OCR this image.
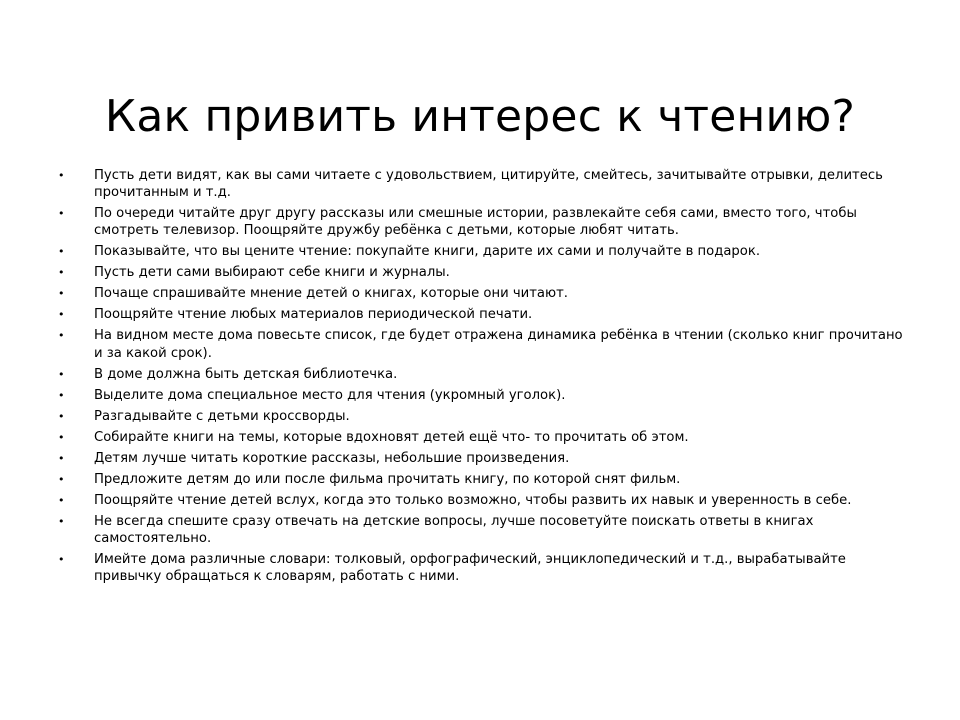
Как привить интерес к чтению?
• Пусть дети видят, как вы сами читаете с удовольствием, цитируйте, смейтесь, зачитывайте отрывки, делитесь прочитанным и т.д.
• По очереди читайте друг другу рассказы или смешные истории, развлекайте себя сами, вместо того, чтобы смотреть телевизор. Поощряйте дружбу ребёнка с детьми, которые любят читать.
• Показывайте, что вы цените чтение: покупайте книги, дарите их сами и получайте в подарок.
• Пусть дети сами выбирают себе книги и журналы.
• Почаще спрашивайте мнение детей о книгах, которые они читают.
• Поощряйте чтение любых материалов периодической печати.
• На видном месте дома повесьте список, где будет отражена динамика ребёнка в чтении (сколько книг прочитано и за какой срок).
• В доме должна быть детская библиотечка.
• Выделите дома специальное место для чтения (укромный уголок).
• Разгадывайте с детьми кроссворды.
• Собирайте книги на темы, которые вдохновят детей ещё что- то прочитать об этом.
• Детям лучше читать короткие рассказы, небольшие произведения.
• Предложите детям до или после фильма прочитать книгу, по которой снят фильм.
• Поощряйте чтение детей вслух, когда это только возможно, чтобы развить их навык и уверенность в себе.
• Не всегда спешите сразу отвечать на детские вопросы, лучше посоветуйте поискать ответы в книгах самостоятельно.
• Имейте дома различные словари: толковый, орфографический, энциклопедический и т.д., вырабатывайте привычку обращаться к словарям, работать с ними.
